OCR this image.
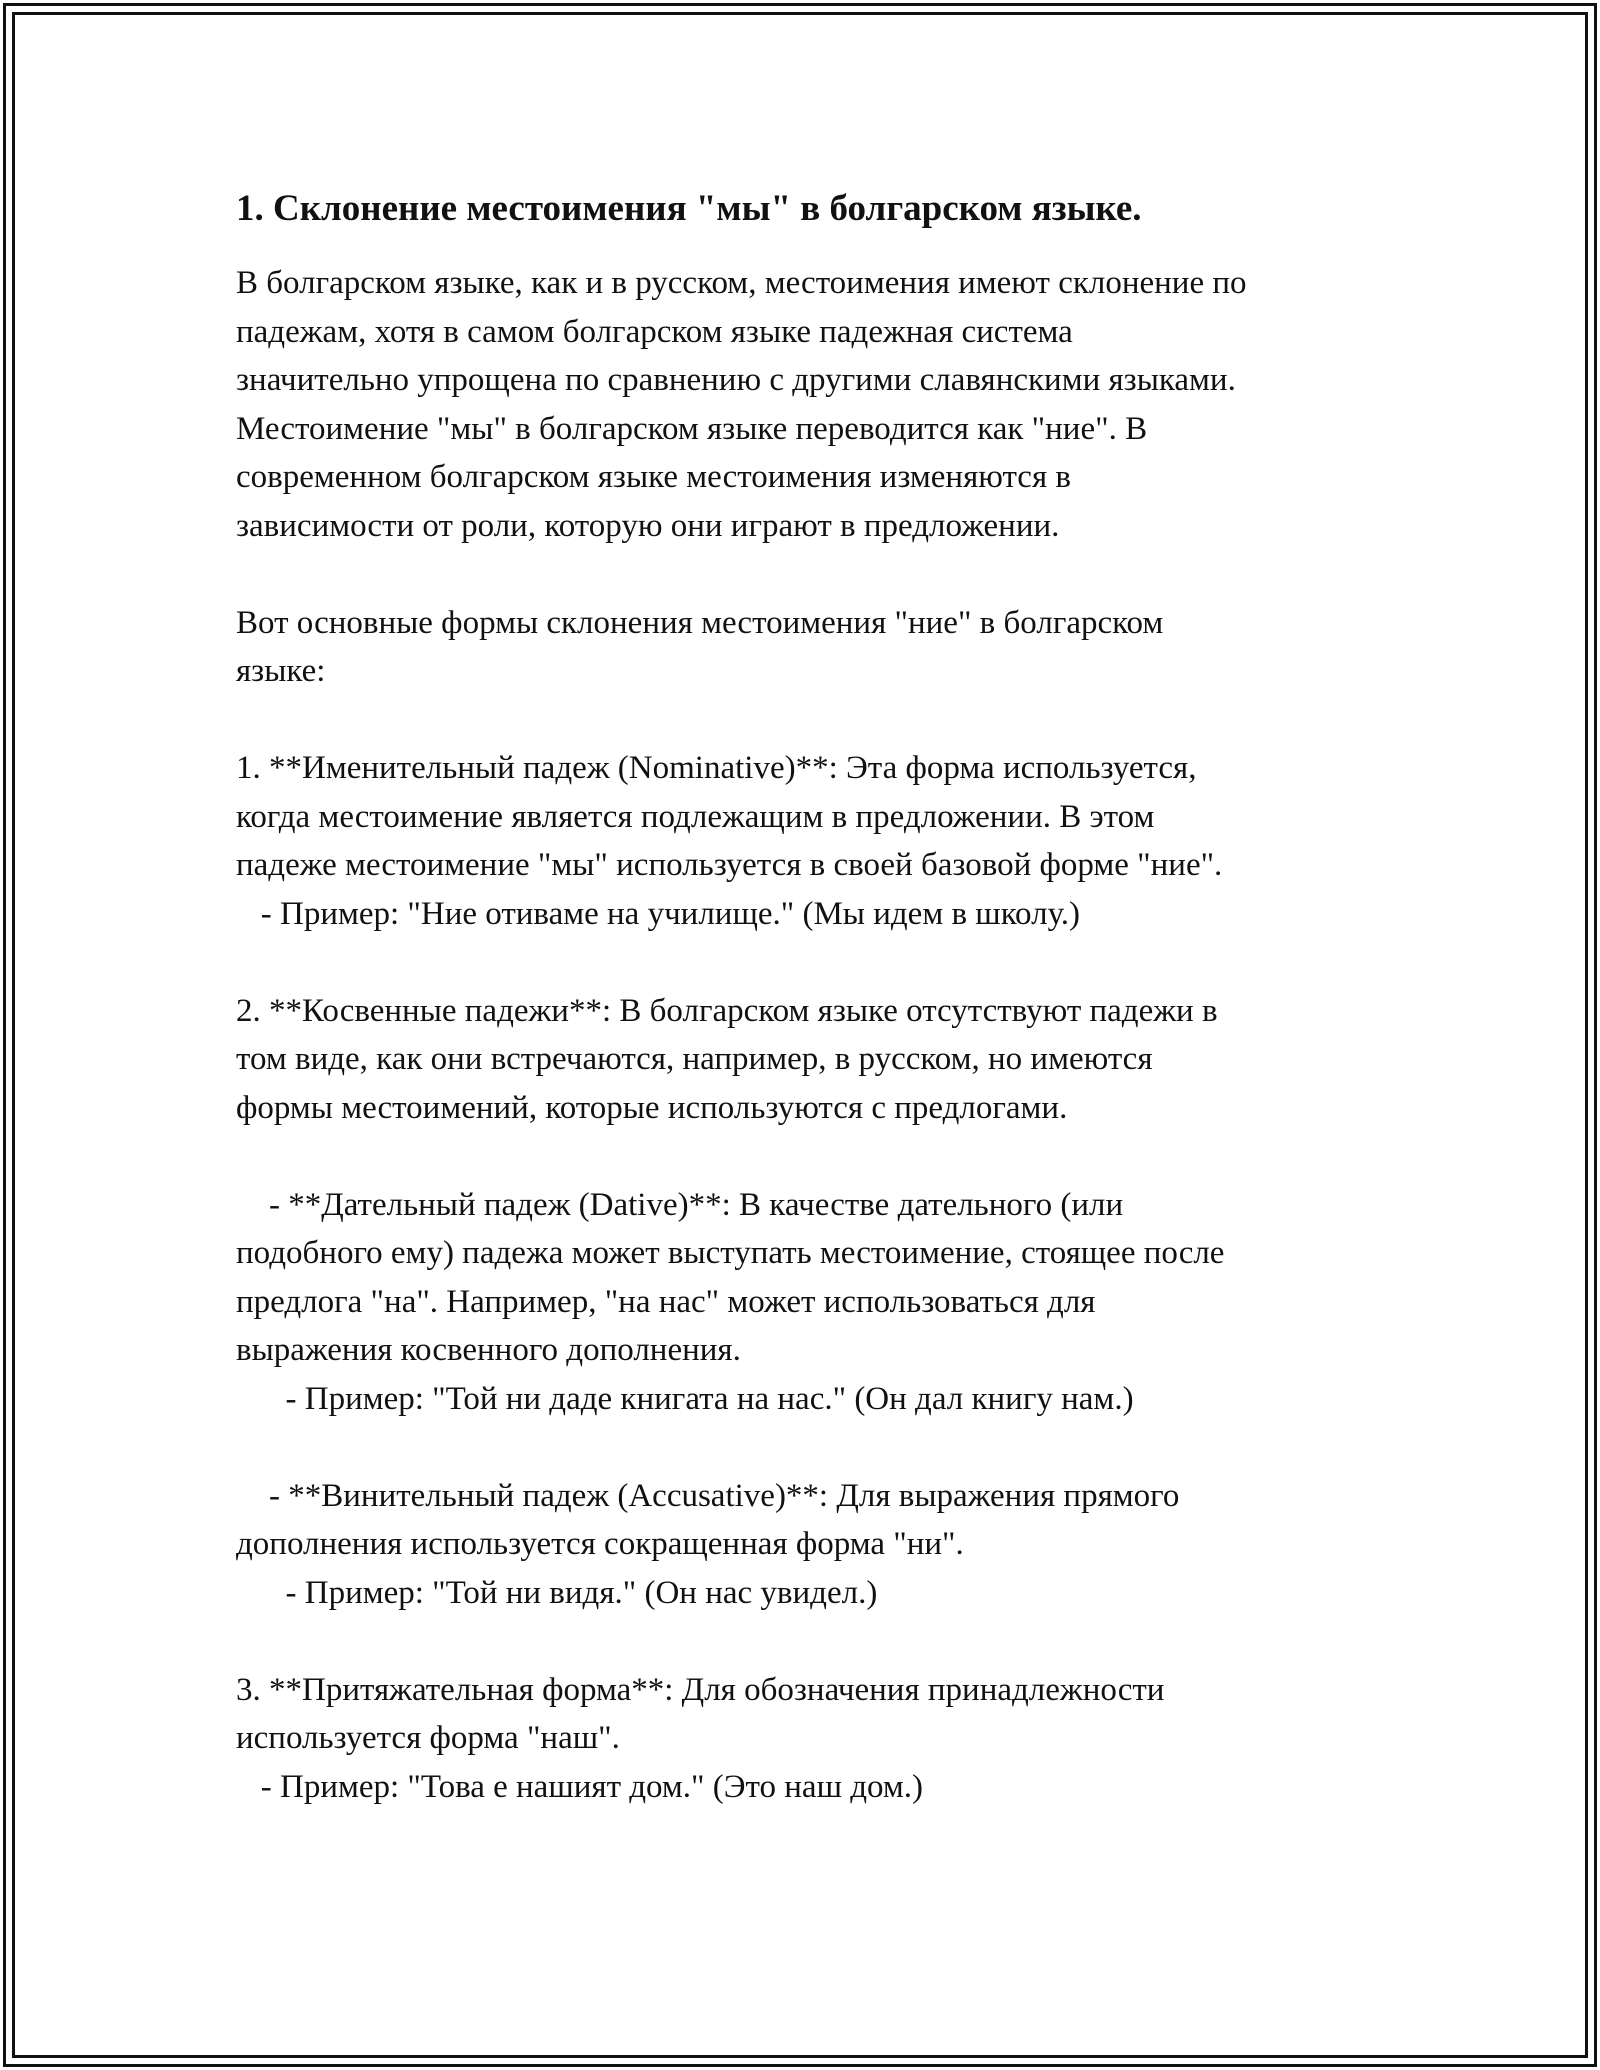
1. Склонение местоимения "мы" в болгарском языке.
В болгарском языке, как и в русском, местоимения имеют склонение по
падежам, хотя в самом болгарском языке падежная система
значительно упрощена по сравнению с другими славянскими языками.
Местоимение "мы" в болгарском языке переводится как "ние". В
современном болгарском языке местоимения изменяются в
зависимости от роли, которую они играют в предложении.
Вот основные формы склонения местоимения "ние" в болгарском
языке:
1. **Именительный падеж (Nominative)**: Эта форма используется,
когда местоимение является подлежащим в предложении. В этом
падеже местоимение "мы" используется в своей базовой форме "ние".
- Пример: "Ние отиваме на училище." (Мы идем в школу.)
2. **Косвенные падежи**: В болгарском языке отсутствуют падежи в
том виде, как они встречаются, например, в русском, но имеются
формы местоимений, которые используются с предлогами.
- **Дательный падеж (Dative)**: В качестве дательного (или
подобного ему) падежа может выступать местоимение, стоящее после
предлога "на". Например, "на нас" может использоваться для
выражения косвенного дополнения.
- Пример: "Той ни даде книгата на нас." (Он дал книгу нам.)
- **Винительный падеж (Accusative)**: Для выражения прямого
дополнения используется сокращенная форма "ни".
- Пример: "Той ни видя." (Он нас увидел.)
3. **Притяжательная форма**: Для обозначения принадлежности
используется форма "наш".
- Пример: "Това е нашият дом." (Это наш дом.)
